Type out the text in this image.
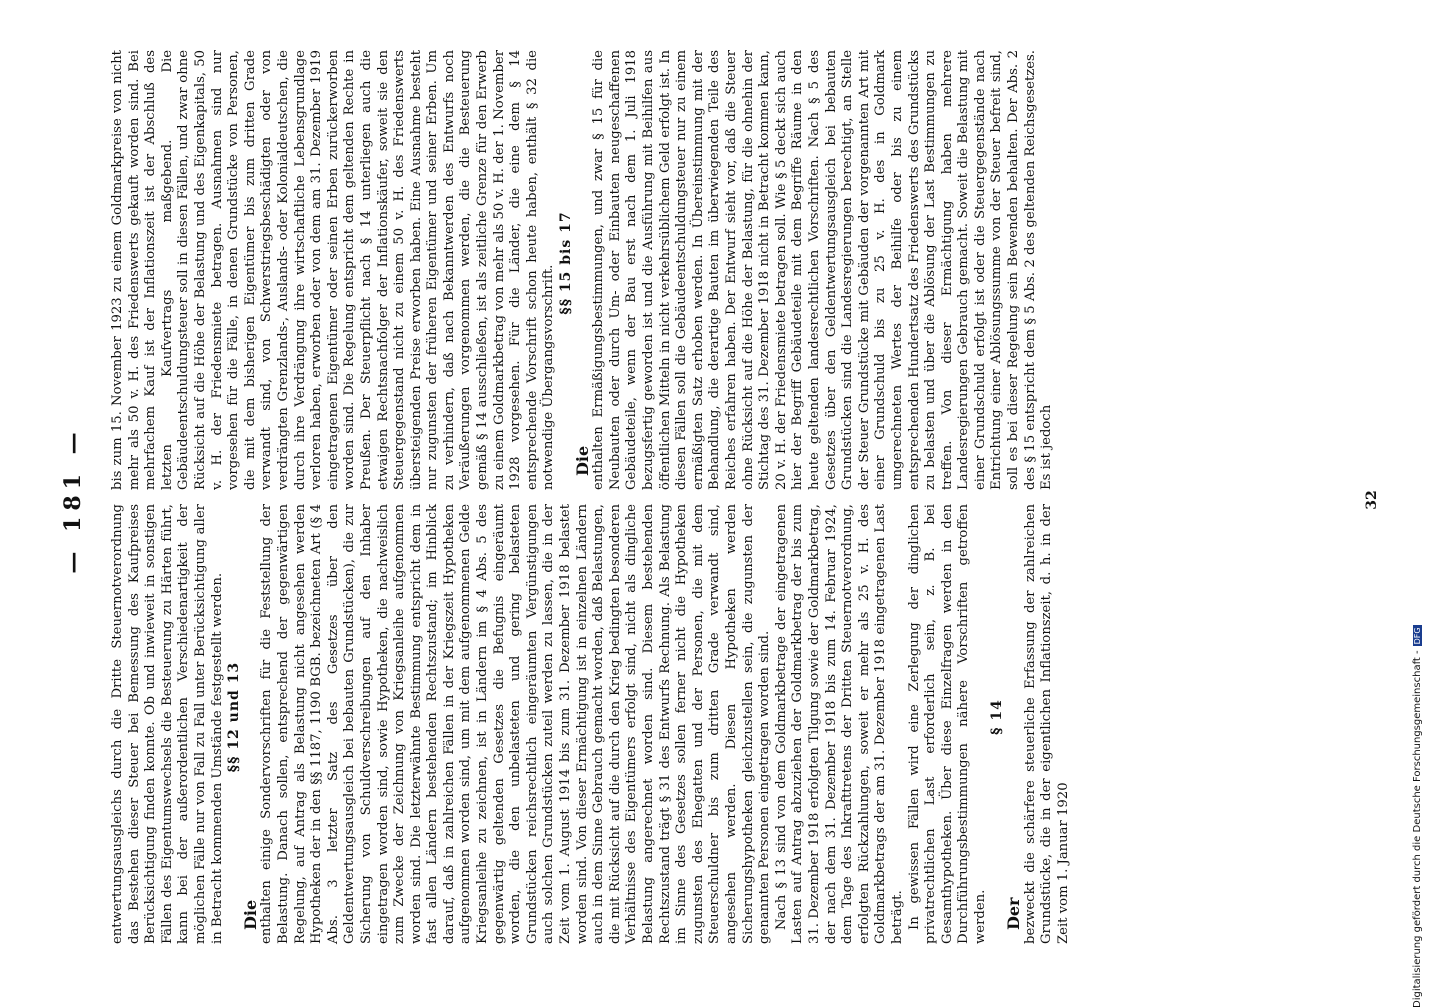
— 181 —

entwertungsausgleichs durch die Dritte Steuernotverordnung das Bestehen dieser Steuer bei Bemessung des Kaufpreises Berücksichtigung finden konnte. Ob und inwieweit in sonstigen Fällen des Eigentumswechsels die Besteuerung zu Härten führt, kann bei der außerordentlichen Verschiedenartigkeit der möglichen Fälle nur von Fall zu Fall unter Berücksichtigung aller in Betracht kommenden Umstände festgestellt werden. §§ 12 und 13

Die enthalten einige Sondervorschriften für die Feststellung der Belastung. Danach sollen, entsprechend der gegenwärtigen Regelung, auf Antrag als Belastung nicht angesehen werden Hypotheken der in den §§ 1187, 1190 BGB. bezeichneten Art (§ 4 Abs. 3 letzter Satz des Gesetzes über den Geldentwertungsausgleich bei bebauten Grundstücken), die zur Sicherung von Schuldverschreibungen auf den Inhaber eingetragen worden sind, sowie Hypotheken, die nachweislich zum Zwecke der Zeichnung von Kriegsanleihe aufgenommen worden sind. Die letzterwähnte Bestimmung entspricht dem in fast allen Ländern bestehenden Rechtszustand; im Hinblick darauf, daß in zahlreichen Fällen in der Kriegszeit Hypotheken aufgenommen worden sind, um mit dem aufgenommenen Gelde Kriegsanleihe zu zeichnen, ist in Ländern im § 4 Abs. 5 des gegenwärtig geltenden Gesetzes die Befugnis eingeräumt worden, die den unbelasteten und gering belasteten Grundstücken reichsrechtlich eingeräumten Vergünstigungen auch solchen Grundstücken zuteil werden zu lassen, die in der Zeit vom 1. August 1914 bis zum 31. Dezember 1918 belastet worden sind. Von dieser Ermächtigung ist in einzelnen Ländern auch in dem Sinne Gebrauch gemacht worden, daß Belastungen, die mit Rücksicht auf die durch den Krieg bedingten besonderen Verhältnisse des Eigentümers erfolgt sind, nicht als dingliche Belastung angerechnet worden sind. Diesem bestehenden Rechtszustand trägt § 31 des Entwurfs Rechnung. Als Belastung im Sinne des Gesetzes sollen ferner nicht die Hypotheken zugunsten des Ehegatten und der Personen, die mit dem Steuerschuldner bis zum dritten Grade verwandt sind, angesehen werden. Diesen Hypotheken werden Sicherungshypotheken gleichzustellen sein, die zugunsten der genannten Personen eingetragen worden sind. Nach § 13 sind von dem Goldmarkbetrage der eingetragenen Lasten auf Antrag abzuziehen der Goldmarkbetrag der bis zum 31. Dezember 1918 erfolgten Tilgung sowie der Goldmarkbetrag, der nach dem 31. Dezember 1918 bis zum 14. Februar 1924, dem Tage des Inkrafttretens der Dritten Steuernotverordnung, erfolgten Rückzahlungen, soweit er mehr als 25 v. H. des Goldmarkbetrags der am 31. Dezember 1918 eingetragenen Last beträgt. In gewissen Fällen wird eine Zerlegung der dinglichen privatrechtlichen Last erforderlich sein, z. B. bei Gesamthypotheken. Über diese Einzelfragen werden in den Durchführungsbestimmungen nähere Vorschriften getroffen werden.

§ 14

Der bezweckt die schärfere steuerliche Erfassung der zahlreichen Grundstücke, die in der eigentlichen Inflationszeit, d. h. in der Zeit vom 1. Januar 1920

bis zum 15. November 1923 zu einem Goldmarkpreise von nicht mehr als 50 v. H. des Friedenswerts gekauft worden sind. Bei mehrfachem Kauf ist der Inflationszeit ist der Abschluß des letzten Kaufvertrags maßgebend. Die Gebäudeentschuldungsteuer soll in diesen Fällen, und zwar ohne Rücksicht auf die Höhe der Belastung und des Eigenkapitals, 50 v. H. der Friedensmiete betragen. Ausnahmen sind nur vorgesehen für die Fälle, in denen Grundstücke von Personen, die mit dem bisherigen Eigentümer bis zum dritten Grade verwandt sind, von Schwerstriegsbeschädigten oder von verdrängten Grenzlands-, Auslands- oder Kolonialdeutschen, die durch ihre Verdrängung ihre wirtschaftliche Lebensgrundlage verloren haben, erworben oder von dem am 31. Dezember 1919 eingetragenen Eigentümer oder seinen Erben zurückerworben worden sind. Die Regelung entspricht dem geltenden Rechte in Preußen. Der Steuerpflicht nach § 14 unterliegen auch die etwaigen Rechtsnachfolger der Inflationskäufer, soweit sie den Steuergegenstand nicht zu einem 50 v. H. des Friedenswerts übersteigenden Preise erworben haben. Eine Ausnahme besteht nur zugunsten der früheren Eigentümer und seiner Erben. Um zu verhindern, daß nach Bekanntwerden des Entwurfs noch Veräußerungen vorgenommen werden, die die Besteuerung gemäß § 14 ausschließen, ist als zeitliche Grenze für den Erwerb zu einem Goldmarkbetrag von mehr als 50 v. H. der 1. November 1928 vorgesehen. Für die Länder, die eine dem § 14 entsprechende Vorschrift schon heute haben, enthält § 32 die notwendige Übergangsvorschrift.

§§ 15 bis 17

Die enthalten Ermäßigungsbestimmungen, und zwar § 15 für die Neubauten oder durch Um- oder Einbauten neugeschaffenen Gebäudeteile, wenn der Bau erst nach dem 1. Juli 1918 bezugsfertig geworden ist und die Ausführung mit Beihilfen aus öffentlichen Mitteln in nicht verkehrsüblichem Geld erfolgt ist. In diesen Fällen soll die Gebäudeentschuldungsteuer nur zu einem ermäßigten Satz erhoben werden. In Übereinstimmung mit der Behandlung, die derartige Bauten im überwiegenden Teile des Reiches erfahren haben. Der Entwurf sieht vor, daß die Steuer ohne Rücksicht auf die Höhe der Belastung, für die ohnehin der Stichtag des 31. Dezember 1918 nicht in Betracht kommen kann, 20 v. H. der Friedensmiete betragen soll. Wie § 5 deckt sich auch hier der Begriff Gebäudeteile mit dem Begriffe Räume in den heute geltenden landesrechtlichen Vorschriften. Nach § 5 des Gesetzes über den Geldentwertungsausgleich bei bebauten Grundstücken sind die Landesregierungen berechtigt, an Stelle der Steuer Grundstücke mit Gebäuden der vorgenannten Art mit einer Grundschuld bis zu 25 v. H. des in Goldmark umgerechneten Wertes der Beihilfe oder bis zu einem entsprechenden Hundertsatz des Friedenswerts des Grundstücks zu belasten und über die Ablösung der Last Bestimmungen zu treffen. Von dieser Ermächtigung haben mehrere Landesregierungen Gebrauch gemacht. Soweit die Belastung mit einer Grundschuld erfolgt ist oder die Steuergegenstände nach Entrichtung einer Ablösungssumme von der Steuer befreit sind, soll es bei dieser Regelung sein Bewenden behalten. Der Abs. 2 des § 15 entspricht dem § 5 Abs. 2 des geltenden Reichsgesetzes. Es ist jedoch

32
Digitalisierung gefördert durch die Deutsche Forschungsgemeinschaft -
DFG
